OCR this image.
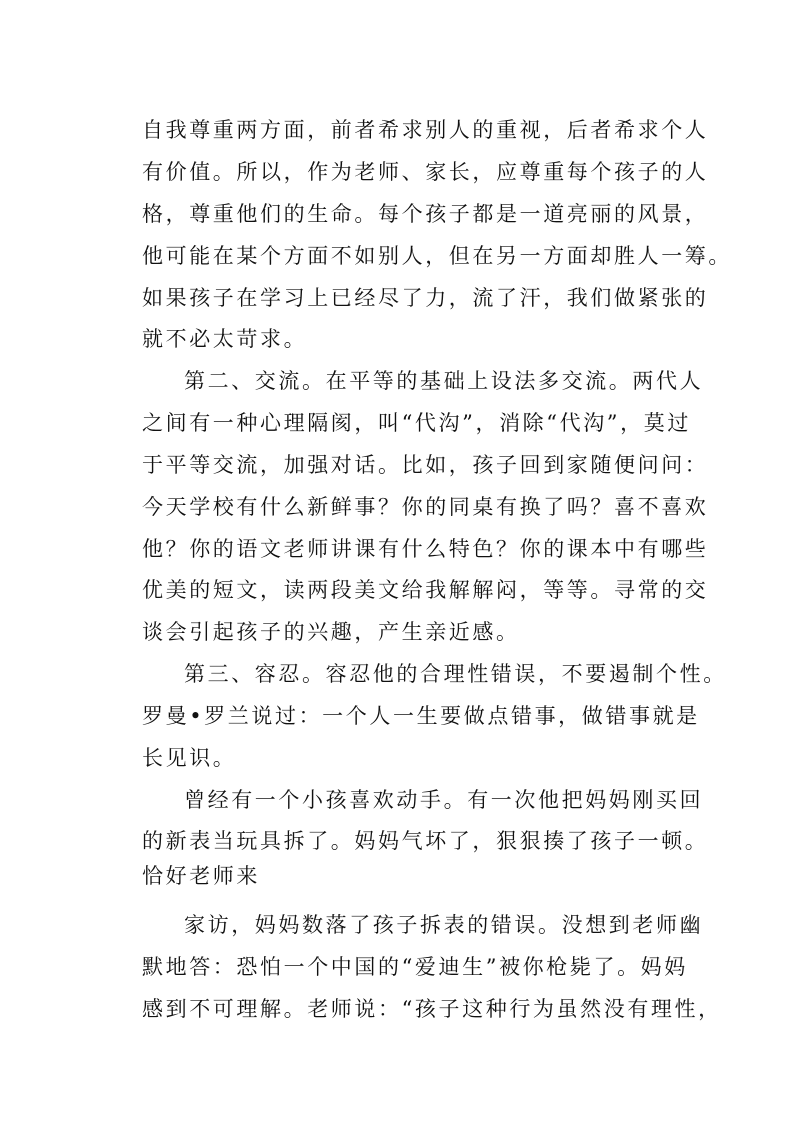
自我尊重两方面，前者希求别人的重视，后者希求个人
有价值。所以，作为老师、家长，应尊重每个孩子的人
格，尊重他们的生命。每个孩子都是一道亮丽的风景，
他可能在某个方面不如别人，但在另一方面却胜人一筹。
如果孩子在学习上已经尽了力，流了汗，我们做紧张的
就不必太苛求。
第二、交流。在平等的基础上设法多交流。两代人
之间有一种心理隔阂，叫“代沟”，消除“代沟”，莫过
于平等交流，加强对话。比如，孩子回到家随便问问：
今天学校有什么新鲜事？你的同桌有换了吗？喜不喜欢
他？你的语文老师讲课有什么特色？你的课本中有哪些
优美的短文，读两段美文给我解解闷，等等。寻常的交
谈会引起孩子的兴趣，产生亲近感。
第三、容忍。容忍他的合理性错误，不要遏制个性。
罗曼•罗兰说过：一个人一生要做点错事，做错事就是
长见识。
曾经有一个小孩喜欢动手。有一次他把妈妈刚买回
的新表当玩具拆了。妈妈气坏了，狠狠揍了孩子一顿。
恰好老师来
家访，妈妈数落了孩子拆表的错误。没想到老师幽
默地答：恐怕一个中国的“爱迪生”被你枪毙了。妈妈
感到不可理解。老师说：“孩子这种行为虽然没有理性，
